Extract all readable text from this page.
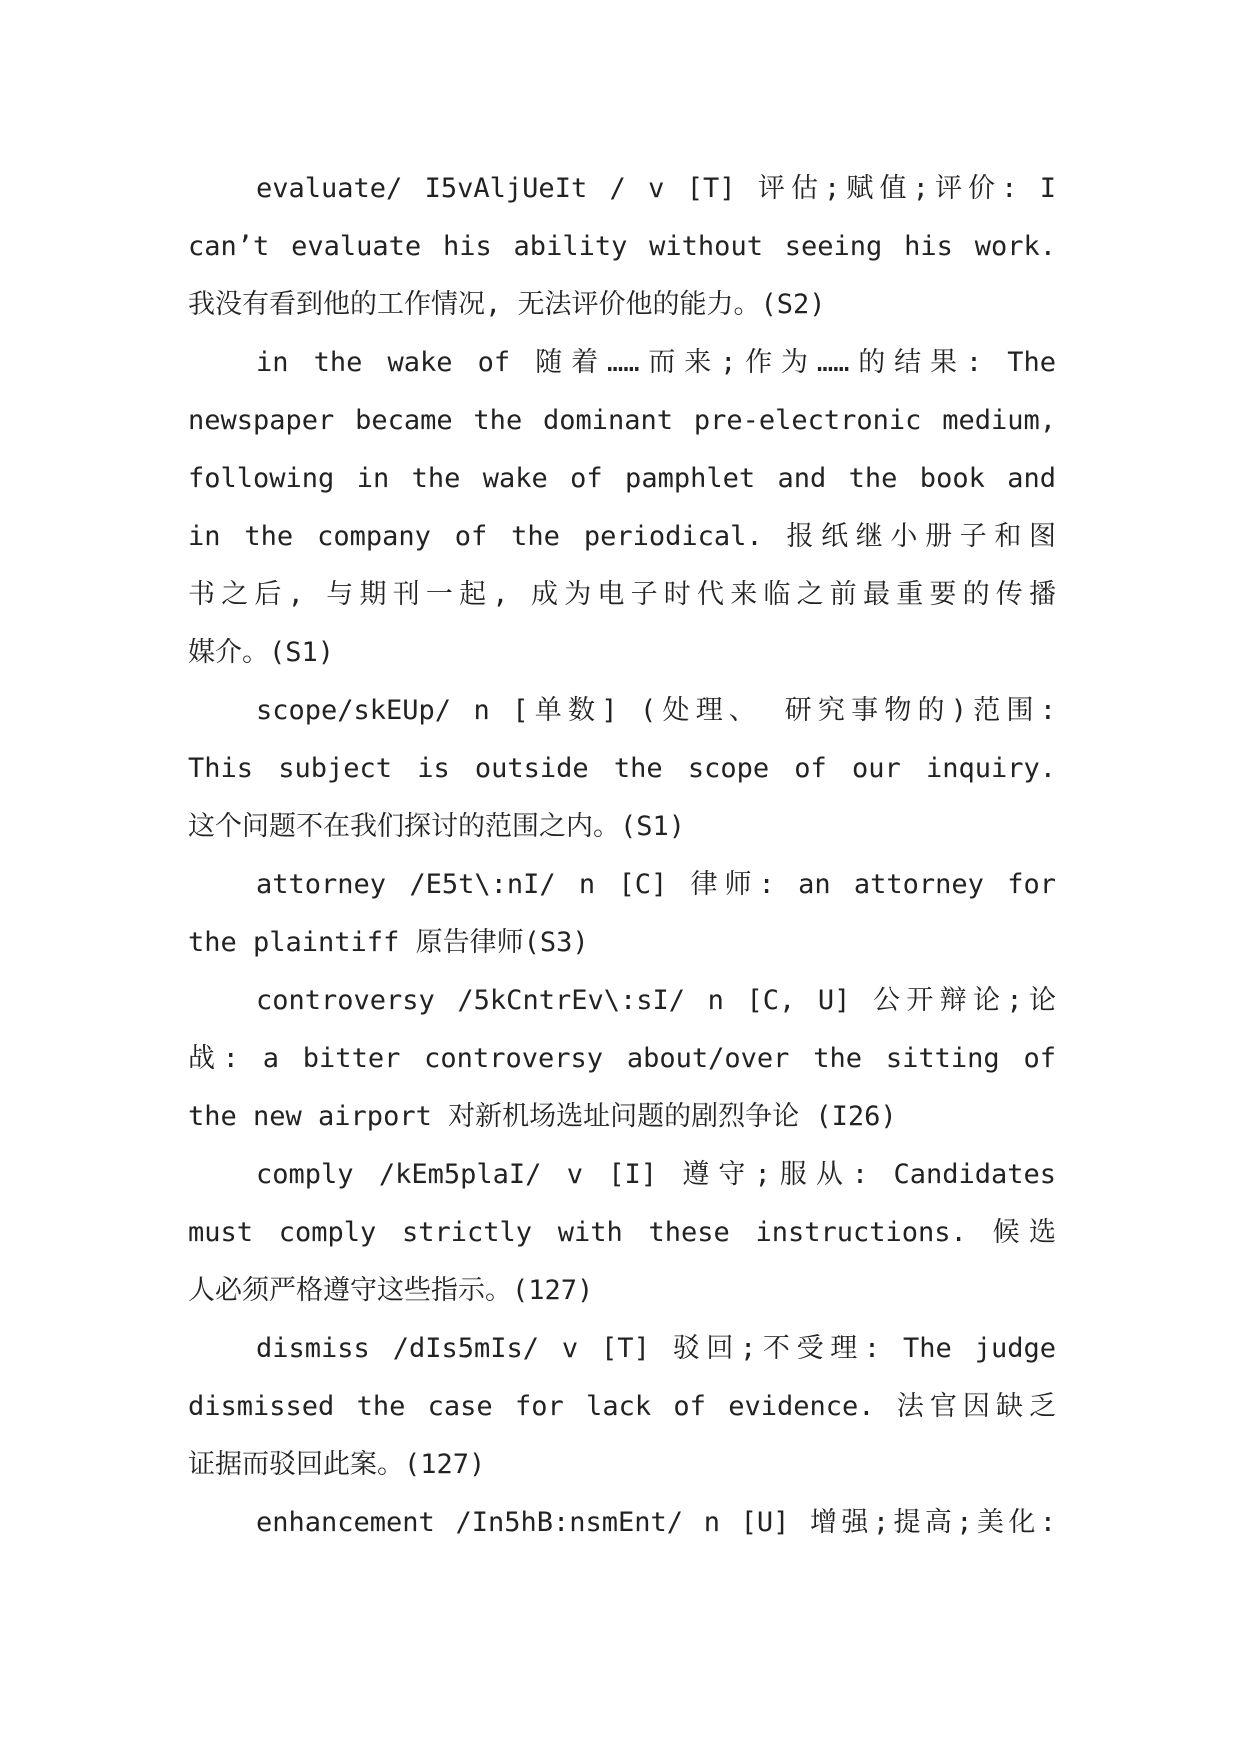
evaluate/ I5vAljUeIt / v [T] 评估;赋值;评价: I
can’t evaluate his ability without seeing his work.
我没有看到他的工作情况, 无法评价他的能力。(S2)
in the wake of 随着……而来;作为……的结果: The
newspaper became the dominant pre-electronic medium,
following in the wake of pamphlet and the book and
in the company of the periodical. 报纸继小册子和图
书之后, 与期刊一起, 成为电子时代来临之前最重要的传播
媒介。(S1)
scope/skEUp/ n [单数] (处理、 研究事物的)范围:
This subject is outside the scope of our inquiry.
这个问题不在我们探讨的范围之内。(S1)
attorney /E5t\:nI/ n [C] 律师: an attorney for
the plaintiff 原告律师(S3)
controversy /5kCntrEv\:sI/ n [C, U] 公开辩论;论
战: a bitter controversy about/over the sitting of
the new airport 对新机场选址问题的剧烈争论 (I26)
comply /kEm5plaI/ v [I] 遵守;服从: Candidates
must comply strictly with these instructions. 候选
人必须严格遵守这些指示。(127)
dismiss /dIs5mIs/ v [T] 驳回;不受理: The judge
dismissed the case for lack of evidence. 法官因缺乏
证据而驳回此案。(127)
enhancement /In5hB:nsmEnt/ n [U] 增强;提高;美化:
